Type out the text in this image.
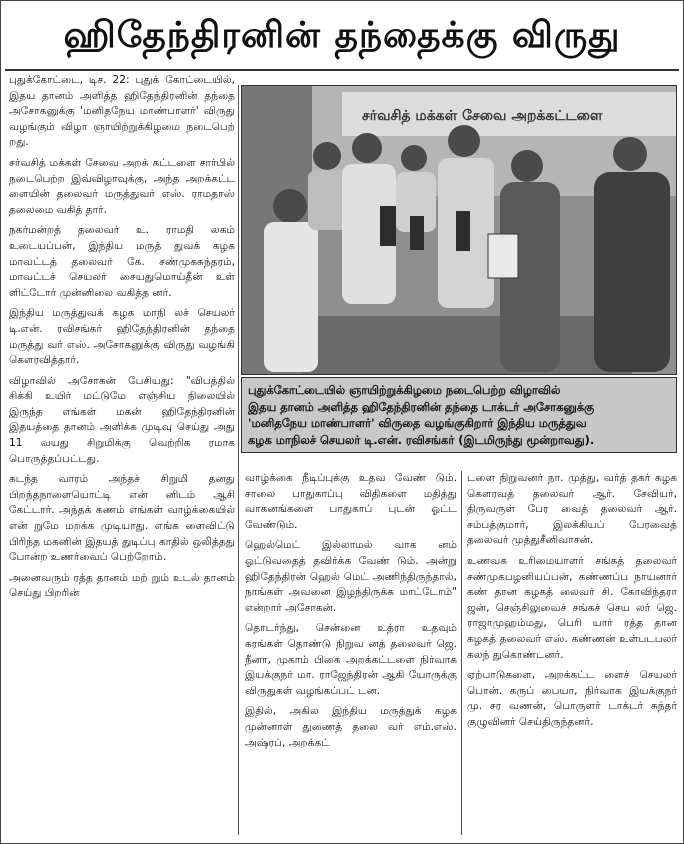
ஹிதேந்திரனின் தந்தைக்கு விருது

புதுக்கோட்டை, டிச. 22: புதுக் கோட்டையில், இதய தானம் அளித்த ஹிதேந்திரனின் தந்தை அசோகனுக்கு 'மனிதநேய மாண்பாளர்' விருது வழங்கும் விழா ஞாயிற்றுக்கிழமை நடைபெற் றது.

சர்வசித் மக்கள் சேவை அறக் கட்டளை சார்பில் நடைபெற்ற இவ்விழாவுக்கு, அந்த அறக்கட்ட ளையின் தலைவர் மருத்துவர் எஸ். ராமதாஸ் தலைமை வகித் தார்.

நகர்மன்றத் தலைவர் உ. ராமதி லகம் உடையப்பன், இந்திய மருத் துவக் கழக மாவட்டத் தலைவர் கே. சண்முகசுந்தரம், மாவட்டச் செயலர் சையதுமொய்தீன் உள் ளிட்டோர் முன்னிலை வகித்த னர்.

இந்திய மருத்துவக் கழக மாநி லச் செயலர் டி.என். ரவிசங்கர் ஹிதேந்திரனின் தந்தை மருத்து வர் எஸ். அசோகனுக்கு விருது வழங்கி கௌரவித்தார்.

விழாவில் அசோகன் பேசியது: "விபத்தில் சிக்கி உயிர் மட்டுமே எஞ்சிய நிலையில் இருந்த எங்கள் மகன் ஹிதேந்திரனின் இதயத்தை தானம் அளிக்க முடிவு செய்து அது 11 வயது சிறுமிக்கு வெற்றிக ரமாக பொருத்தப்பட்டது.

கடந்த வாரம் அந்தச் சிறுமி தனது பிறந்தநாளையொட்டி என் னிடம் ஆசி கேட்டார். அந்தக் கணம் எங்கள் வாழ்க்கையில் என் றுமே மறக்க முடியாது. எங்க ளைவிட்டு பிரிந்த மகனின் இதயத் துடிப்பு காதில் ஒலித்தது போன்ற உணர்வைப் பெற்றோம்.

அனைவரும் ரத்த தானம் மற் றும் உடல் தானம் செய்து பிறரின்

சர்வசித் மக்கள் சேவை அறக்கட்டளை
புதுக்கோட்டையில் ஞாயிற்றுக்கிழமை நடைபெற்ற விழாவில்
இதய தானம் அளித்த ஹிதேந்திரனின் தந்தை டாக்டர் அசோகனுக்கு
'மனிதநேய மாண்பாளர்' விருதை வழங்குகிறார் இந்திய மருத்துவ
கழக மாநிலச் செயலர் டி.என். ரவிசங்கர் (இடமிருந்து மூன்றாவது).

வாழ்க்கை நீடிப்புக்கு உதவ வேண் டும். சாலை பாதுகாப்பு விதிகளை மதித்து வாகனங்களை பாதுகாப் புடன் ஓட்ட வேண்டும்.

ஹெல்மெட் இல்லாமல் வாக னம் ஓட்டுவதைத் தவிர்க்க வேண் டும். அன்று ஹிதேந்திரன் ஹெல் மெட் அணிந்திருந்தால், நாங்கள் அவனை இழந்திருக்க மாட்டோம்" என்றார் அசோகன்.

தொடர்ந்து, சென்னை உத்ரா உதவும் கரங்கள் தொண்டு நிறுவ னத் தலைவர் ஜெ. நீனா, முகாம் பிகை அறக்கட்டளை நிர்வாக இயக்குநர் மா. ராஜேந்திரன் ஆகி யோருக்கு விருதுகள் வழங்கப்பட் டன.

இதில், அகில இந்திய மருத்துக் கழக முன்னாள் துணைத் தலை வர் எம்.எஸ். அஷ்ரப், அறக்கட்

டளை நிறுவனர் நா. முத்து, வர்த் தகர் கழக கௌரவத் தலைவர் ஆர். சேவியர், திருவருள் பேர வைத் தலைவர் ஆர். சம்பத்குமார், இலக்கியப் பேரவைத் தலைவர் முத்துசீனிவாசன்.

உணவக உரிமையாளர் சங்கத் தலைவர் சண்முகபழனியப்பன், கண்ணப்ப நாயனார் கண் தான கழகத் லைவர் சி. கோவிந்தரா ஜன், செஞ்சிலுவைச் சங்கச் செய லர் ஜெ. ராஜாமுஹம்மது, பெரி யார் ரத்த தான கழகத் தலைவர் எஸ். கண்ணன் உள்படபலர் கலந் துகொண்டனர்.

ஏற்பாடுகளை, அறக்கட்ட ளைச் செயலர் பொன். கருப் பையா, நிர்வாக இயக்குநர் மு. சர வணன், பொருளர் டாக்டர் சுந்தர் குழுவினர் செய்திருந்தனர்.
